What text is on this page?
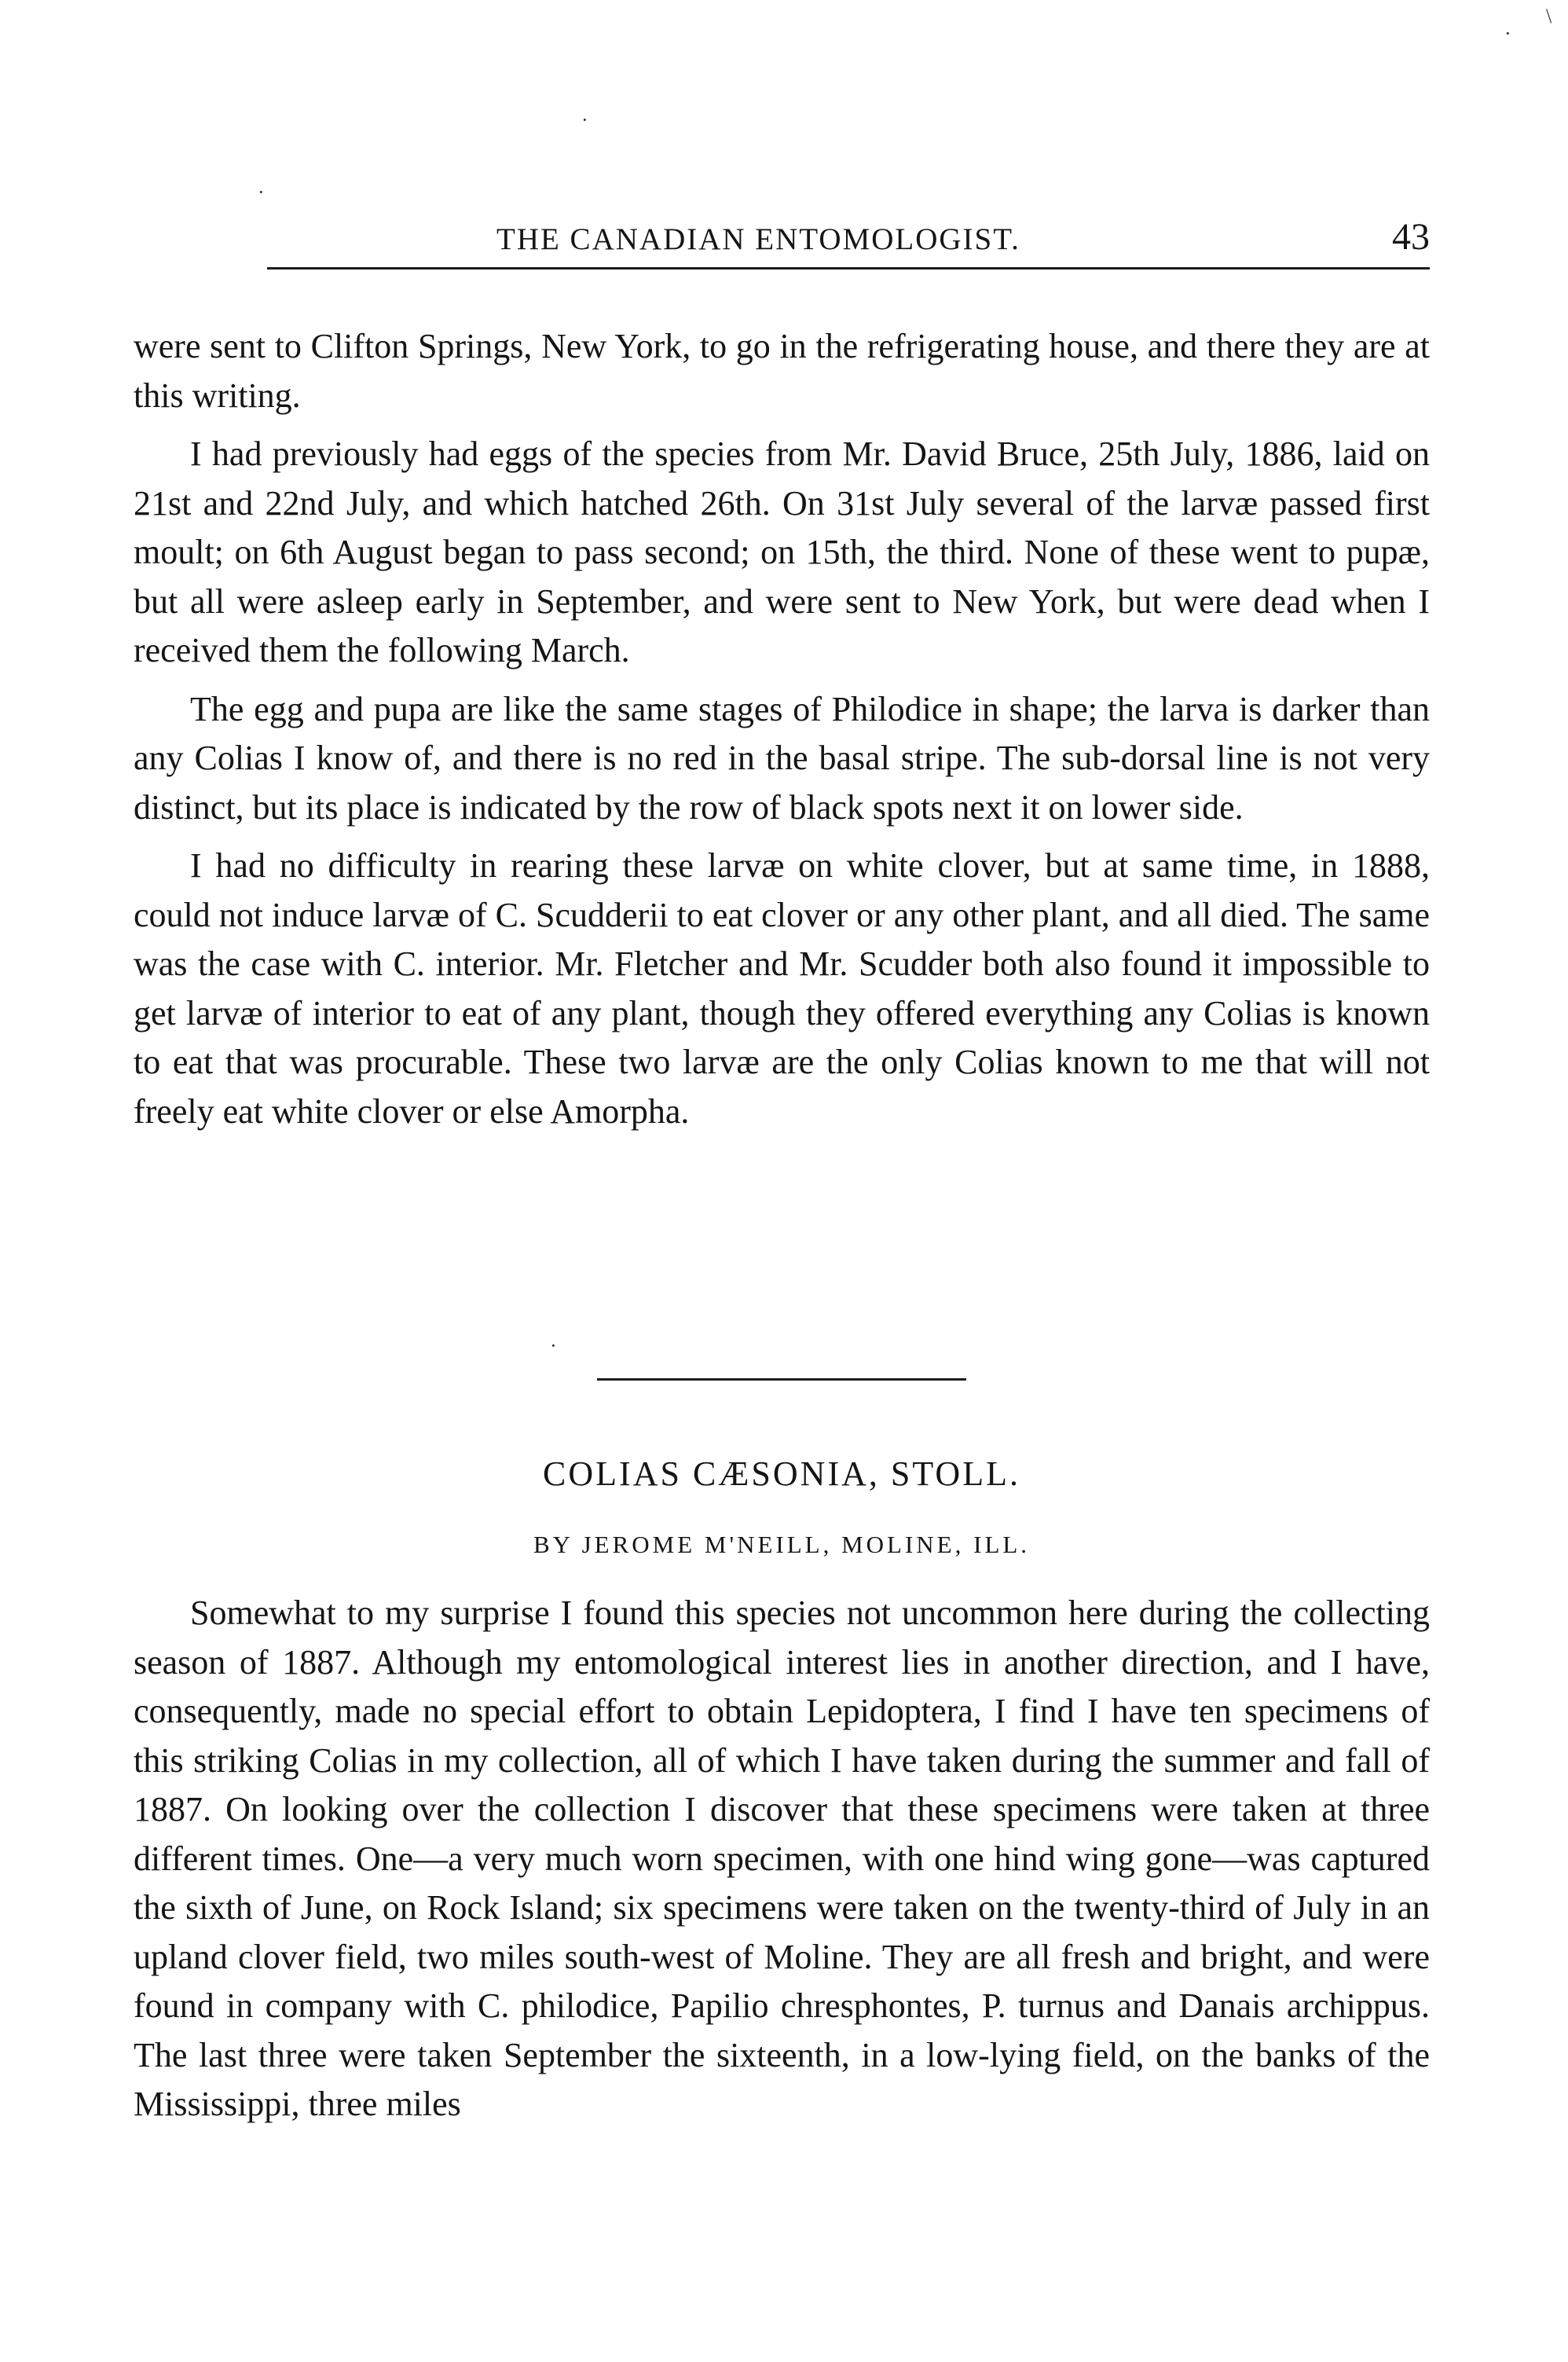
·
\
·
·
THE CANADIAN ENTOMOLOGIST.	43

were sent to Clifton Springs, New York, to go in the refrigerating house, and there they are at this writing.

I had previously had eggs of the species from Mr. David Bruce, 25th July, 1886, laid on 21st and 22nd July, and which hatched 26th. On 31st July several of the larvæ passed first moult; on 6th August began to pass second; on 15th, the third. None of these went to pupæ, but all were asleep early in September, and were sent to New York, but were dead when I received them the following March.

The egg and pupa are like the same stages of Philodice in shape; the larva is darker than any Colias I know of, and there is no red in the basal stripe. The sub-dorsal line is not very distinct, but its place is indicated by the row of black spots next it on lower side.

I had no difficulty in rearing these larvæ on white clover, but at same time, in 1888, could not induce larvæ of C. Scudderii to eat clover or any other plant, and all died. The same was the case with C. interior. Mr. Fletcher and Mr. Scudder both also found it impossible to get larvæ of interior to eat of any plant, though they offered everything any Colias is known to eat that was procurable. These two larvæ are the only Colias known to me that will not freely eat white clover or else Amorpha.

·
COLIAS CÆSONIA, STOLL.
BY JEROME M'NEILL, MOLINE, ILL.

Somewhat to my surprise I found this species not uncommon here during the collecting season of 1887. Although my entomological interest lies in another direction, and I have, consequently, made no special effort to obtain Lepidoptera, I find I have ten specimens of this striking Colias in my collection, all of which I have taken during the summer and fall of 1887. On looking over the collection I discover that these specimens were taken at three different times. One—a very much worn specimen, with one hind wing gone—was captured the sixth of June, on Rock Island; six specimens were taken on the twenty-third of July in an upland clover field, two miles south-west of Moline. They are all fresh and bright, and were found in company with C. philodice, Papilio chresphontes, P. turnus and Danais archippus. The last three were taken September the sixteenth, in a low-lying field, on the banks of the Mississippi, three miles
